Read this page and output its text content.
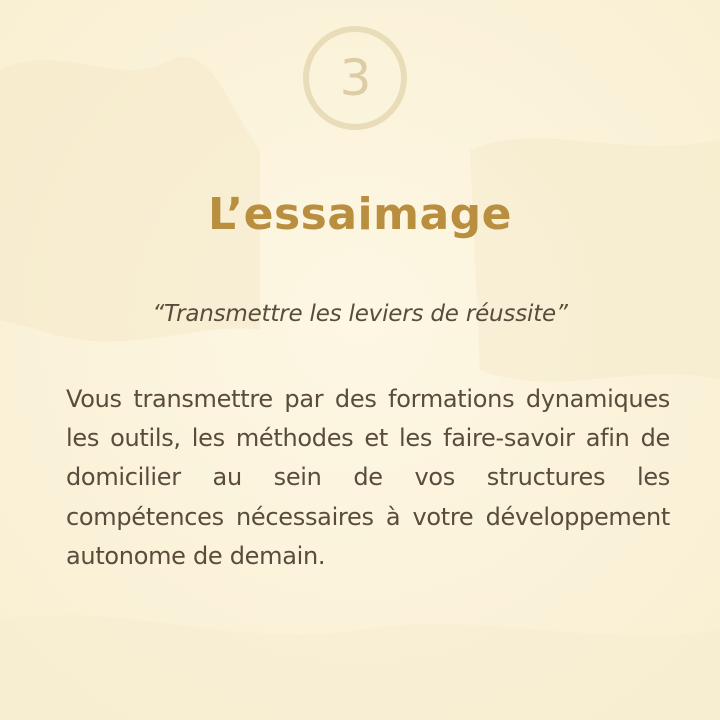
3
L’essaimage
“Transmettre les leviers de réussite”
Vous transmettre par des formations dynamiques les outils, les méthodes et les faire-savoir afin de domicilier au sein de vos structures les compétences nécessaires à votre développement autonome de demain.
